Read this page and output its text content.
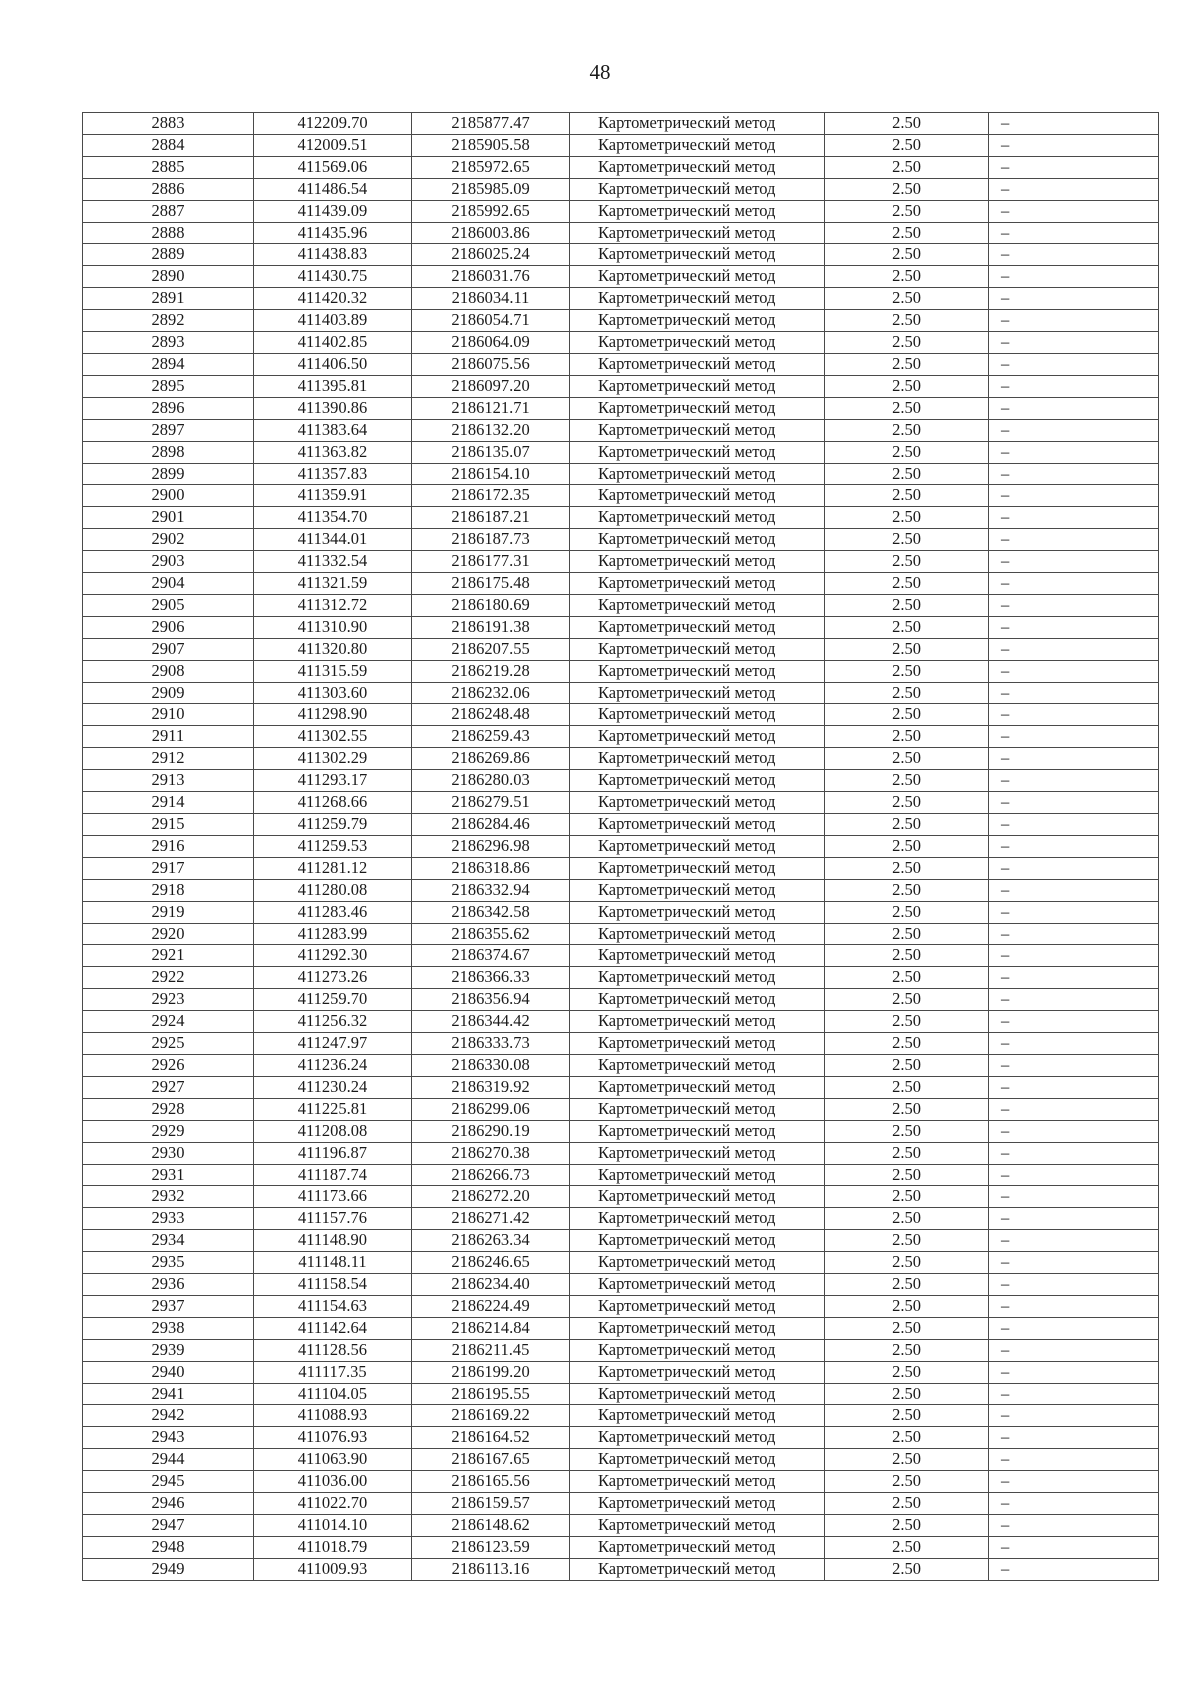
48
2883	412209.70	2185877.47	Картометрический метод	2.50	–
2884	412009.51	2185905.58	Картометрический метод	2.50	–
2885	411569.06	2185972.65	Картометрический метод	2.50	–
2886	411486.54	2185985.09	Картометрический метод	2.50	–
2887	411439.09	2185992.65	Картометрический метод	2.50	–
2888	411435.96	2186003.86	Картометрический метод	2.50	–
2889	411438.83	2186025.24	Картометрический метод	2.50	–
2890	411430.75	2186031.76	Картометрический метод	2.50	–
2891	411420.32	2186034.11	Картометрический метод	2.50	–
2892	411403.89	2186054.71	Картометрический метод	2.50	–
2893	411402.85	2186064.09	Картометрический метод	2.50	–
2894	411406.50	2186075.56	Картометрический метод	2.50	–
2895	411395.81	2186097.20	Картометрический метод	2.50	–
2896	411390.86	2186121.71	Картометрический метод	2.50	–
2897	411383.64	2186132.20	Картометрический метод	2.50	–
2898	411363.82	2186135.07	Картометрический метод	2.50	–
2899	411357.83	2186154.10	Картометрический метод	2.50	–
2900	411359.91	2186172.35	Картометрический метод	2.50	–
2901	411354.70	2186187.21	Картометрический метод	2.50	–
2902	411344.01	2186187.73	Картометрический метод	2.50	–
2903	411332.54	2186177.31	Картометрический метод	2.50	–
2904	411321.59	2186175.48	Картометрический метод	2.50	–
2905	411312.72	2186180.69	Картометрический метод	2.50	–
2906	411310.90	2186191.38	Картометрический метод	2.50	–
2907	411320.80	2186207.55	Картометрический метод	2.50	–
2908	411315.59	2186219.28	Картометрический метод	2.50	–
2909	411303.60	2186232.06	Картометрический метод	2.50	–
2910	411298.90	2186248.48	Картометрический метод	2.50	–
2911	411302.55	2186259.43	Картометрический метод	2.50	–
2912	411302.29	2186269.86	Картометрический метод	2.50	–
2913	411293.17	2186280.03	Картометрический метод	2.50	–
2914	411268.66	2186279.51	Картометрический метод	2.50	–
2915	411259.79	2186284.46	Картометрический метод	2.50	–
2916	411259.53	2186296.98	Картометрический метод	2.50	–
2917	411281.12	2186318.86	Картометрический метод	2.50	–
2918	411280.08	2186332.94	Картометрический метод	2.50	–
2919	411283.46	2186342.58	Картометрический метод	2.50	–
2920	411283.99	2186355.62	Картометрический метод	2.50	–
2921	411292.30	2186374.67	Картометрический метод	2.50	–
2922	411273.26	2186366.33	Картометрический метод	2.50	–
2923	411259.70	2186356.94	Картометрический метод	2.50	–
2924	411256.32	2186344.42	Картометрический метод	2.50	–
2925	411247.97	2186333.73	Картометрический метод	2.50	–
2926	411236.24	2186330.08	Картометрический метод	2.50	–
2927	411230.24	2186319.92	Картометрический метод	2.50	–
2928	411225.81	2186299.06	Картометрический метод	2.50	–
2929	411208.08	2186290.19	Картометрический метод	2.50	–
2930	411196.87	2186270.38	Картометрический метод	2.50	–
2931	411187.74	2186266.73	Картометрический метод	2.50	–
2932	411173.66	2186272.20	Картометрический метод	2.50	–
2933	411157.76	2186271.42	Картометрический метод	2.50	–
2934	411148.90	2186263.34	Картометрический метод	2.50	–
2935	411148.11	2186246.65	Картометрический метод	2.50	–
2936	411158.54	2186234.40	Картометрический метод	2.50	–
2937	411154.63	2186224.49	Картометрический метод	2.50	–
2938	411142.64	2186214.84	Картометрический метод	2.50	–
2939	411128.56	2186211.45	Картометрический метод	2.50	–
2940	411117.35	2186199.20	Картометрический метод	2.50	–
2941	411104.05	2186195.55	Картометрический метод	2.50	–
2942	411088.93	2186169.22	Картометрический метод	2.50	–
2943	411076.93	2186164.52	Картометрический метод	2.50	–
2944	411063.90	2186167.65	Картометрический метод	2.50	–
2945	411036.00	2186165.56	Картометрический метод	2.50	–
2946	411022.70	2186159.57	Картометрический метод	2.50	–
2947	411014.10	2186148.62	Картометрический метод	2.50	–
2948	411018.79	2186123.59	Картометрический метод	2.50	–
2949	411009.93	2186113.16	Картометрический метод	2.50	–
